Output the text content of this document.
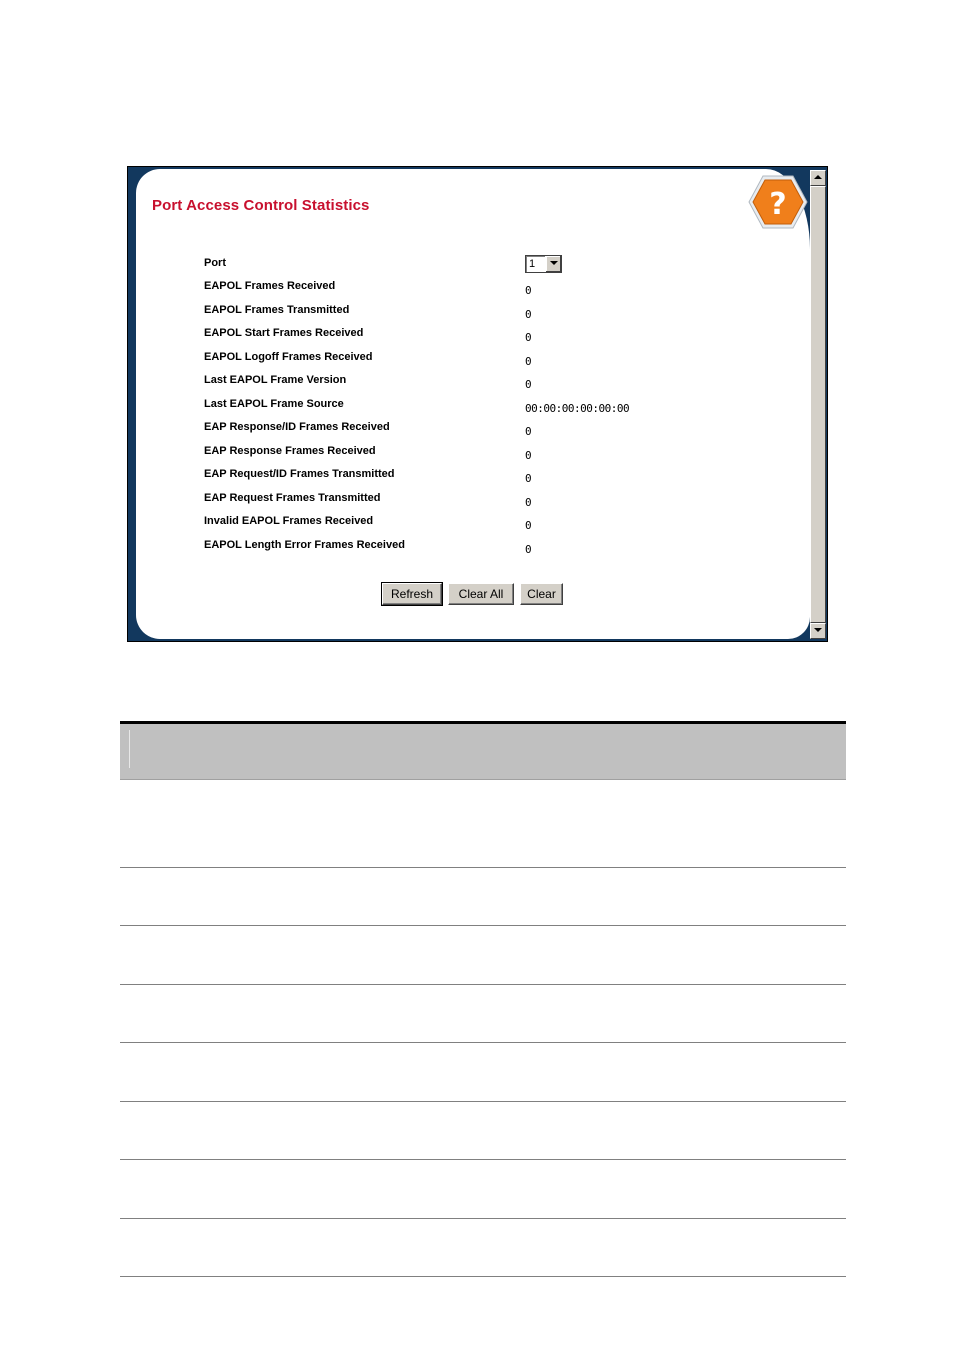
Port Access Control Statistics	?
Port	1
EAPOL Frames Received	0
EAPOL Frames Transmitted	0
EAPOL Start Frames Received	0
EAPOL Logoff Frames Received	0
Last EAPOL Frame Version	0
Last EAPOL Frame Source	00:00:00:00:00:00
EAP Response/ID Frames Received	0
EAP Response Frames Received	0
EAP Request/ID Frames Transmitted	0
EAP Request Frames Transmitted	0
Invalid EAPOL Frames Received	0
EAPOL Length Error Frames Received	0
Refresh	Clear All	Clear
